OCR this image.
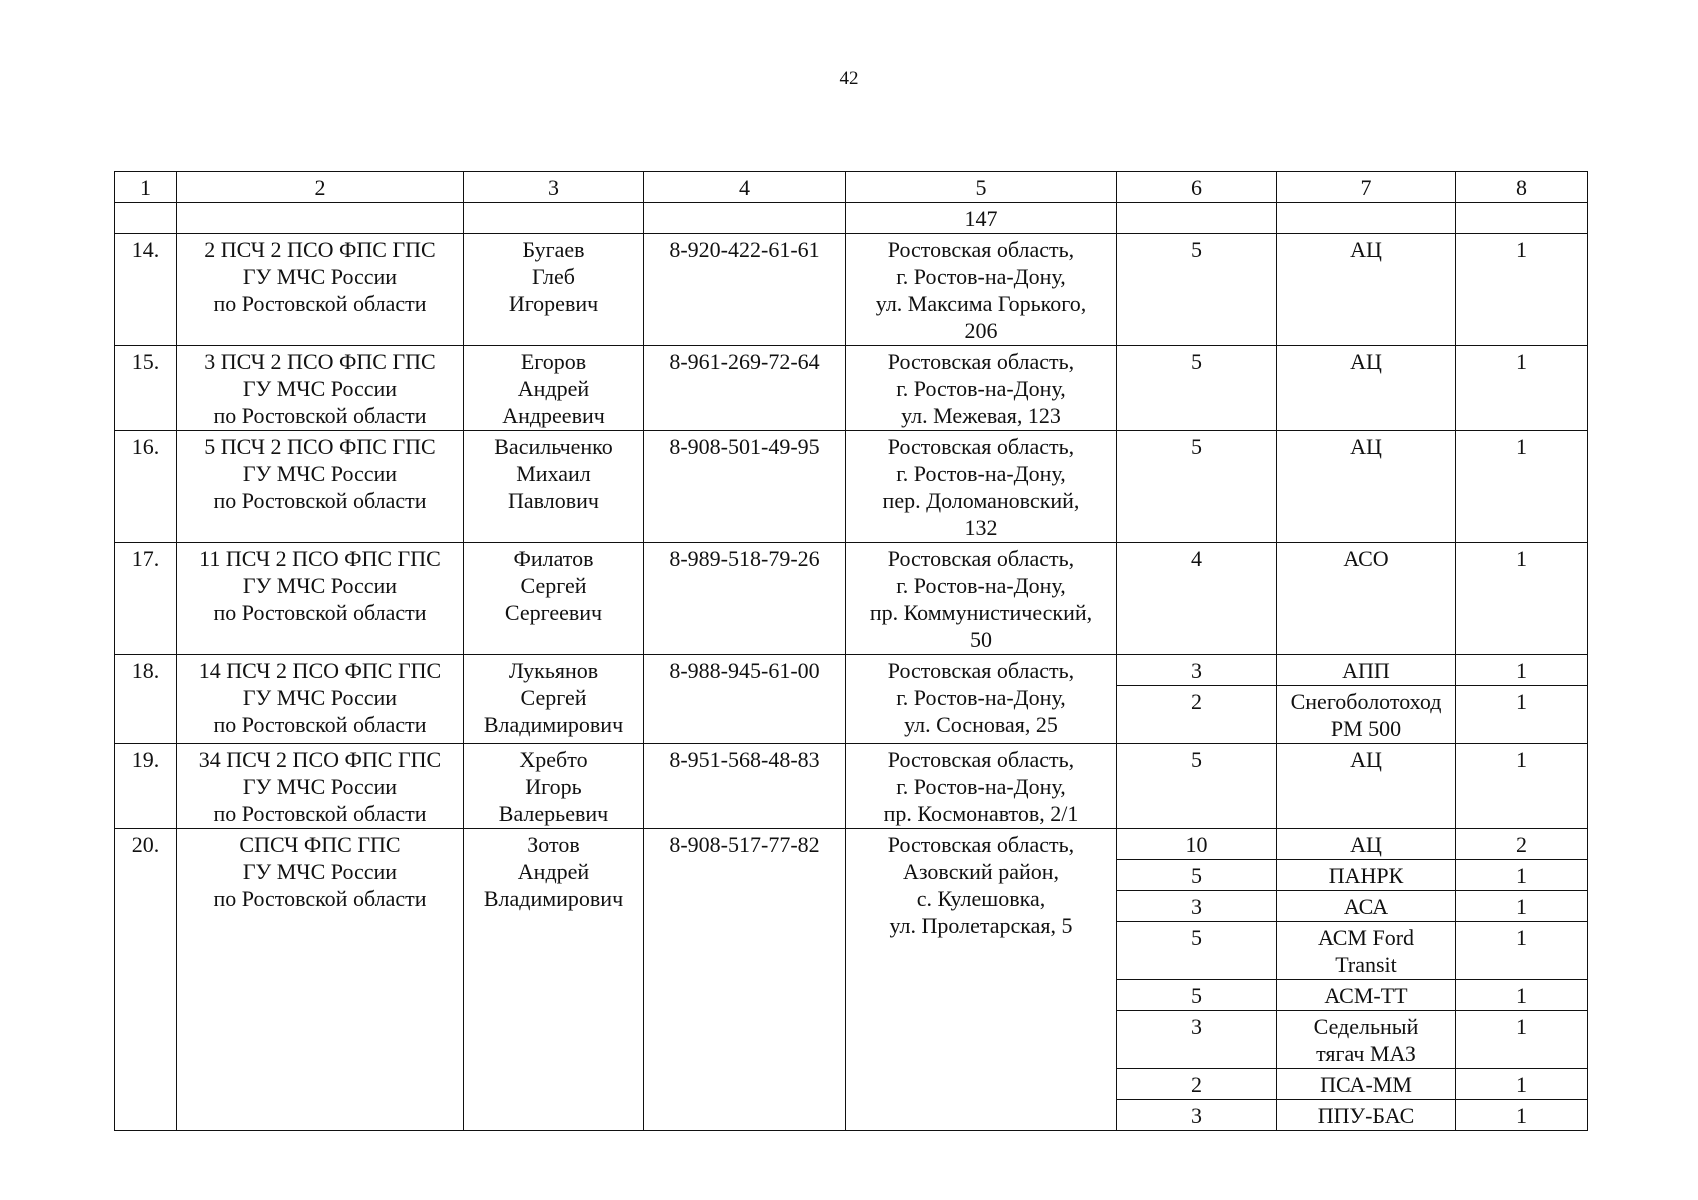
42
1	2	3	4	5	6	7	8
				147			
14.	2 ПСЧ 2 ПСО ФПС ГПС
ГУ МЧС России
по Ростовской области	Бугаев
Глеб
Игоревич	8-920-422-61-61	Ростовская область,
г. Ростов-на-Дону,
ул. Максима Горького,
206	5	АЦ	1
15.	3 ПСЧ 2 ПСО ФПС ГПС
ГУ МЧС России
по Ростовской области	Егоров
Андрей
Андреевич	8-961-269-72-64	Ростовская область,
г. Ростов-на-Дону,
ул. Межевая, 123	5	АЦ	1
16.	5 ПСЧ 2 ПСО ФПС ГПС
ГУ МЧС России
по Ростовской области	Васильченко
Михаил
Павлович	8-908-501-49-95	Ростовская область,
г. Ростов-на-Дону,
пер. Доломановский,
132	5	АЦ	1
17.	11 ПСЧ 2 ПСО ФПС ГПС
ГУ МЧС России
по Ростовской области	Филатов
Сергей
Сергеевич	8-989-518-79-26	Ростовская область,
г. Ростов-на-Дону,
пр. Коммунистический,
50	4	АСО	1
18.	14 ПСЧ 2 ПСО ФПС ГПС
ГУ МЧС России
по Ростовской области	Лукьянов
Сергей
Владимирович	8-988-945-61-00	Ростовская область,
г. Ростов-на-Дону,
ул. Сосновая, 25	3	АПП	1
					2	Снегоболотоход
РМ 500	1
19.	34 ПСЧ 2 ПСО ФПС ГПС
ГУ МЧС России
по Ростовской области	Хребто
Игорь
Валерьевич	8-951-568-48-83	Ростовская область,
г. Ростов-на-Дону,
пр. Космонавтов, 2/1	5	АЦ	1
20.	СПСЧ ФПС ГПС
ГУ МЧС России
по Ростовской области	Зотов
Андрей
Владимирович	8-908-517-77-82	Ростовская область,
Азовский район,
с. Кулешовка,
ул. Пролетарская, 5	10	АЦ	2
					5	ПАНРК	1
					3	АСА	1
					5	АСМ Ford
Transit	1
					5	АСМ-ТТ	1
					3	Седельный
тягач МАЗ	1
					2	ПСА-ММ	1
					3	ППУ-БАС	1
